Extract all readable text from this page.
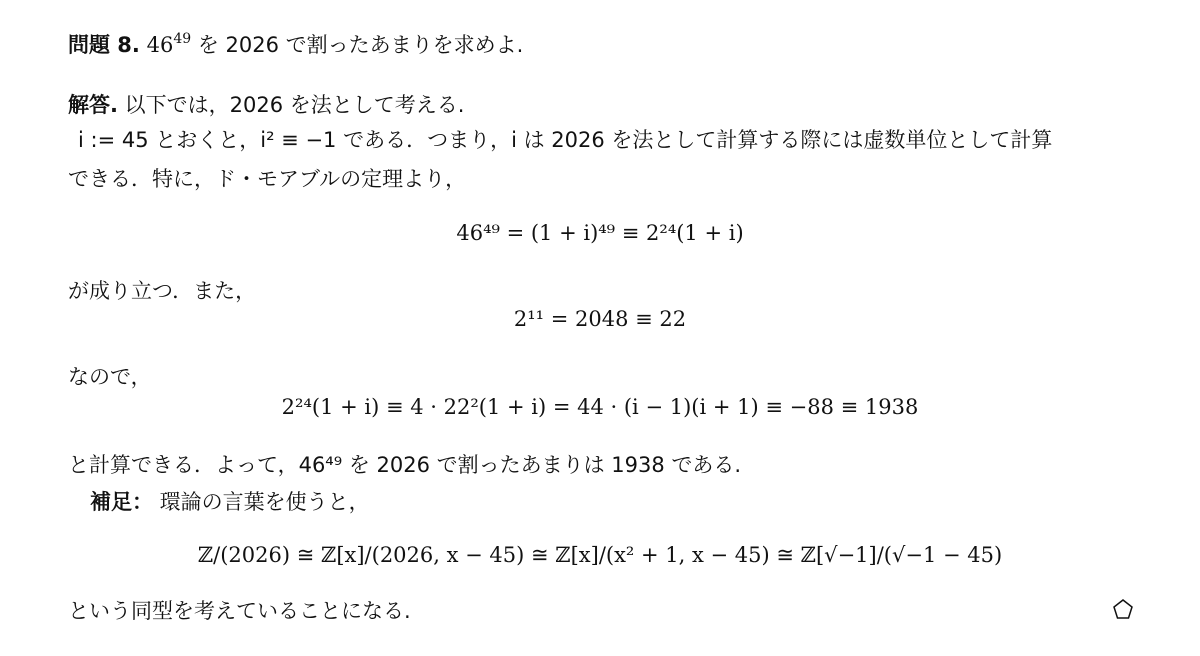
問題 8. $46^{49}$ を 2026 で割ったあまりを求めよ.
解答. 以下では，2026 を法として考える.
i := 45 とおくと，i² ≡ −1 である．つまり，i は 2026 を法として計算する際には虚数単位として計算
できる．特に，ド・モアブルの定理より，
46⁴⁹ = (1 + i)⁴⁹ ≡ 2²⁴(1 + i)
が成り立つ．また，
2¹¹ = 2048 ≡ 22
なので，
2²⁴(1 + i) ≡ 4 · 22²(1 + i) = 44 · (i − 1)(i + 1) ≡ −88 ≡ 1938
と計算できる．よって，46⁴⁹ を 2026 で割ったあまりは 1938 である.
補足： 環論の言葉を使うと，
ℤ/(2026) ≅ ℤ[x]/(2026, x − 45) ≅ ℤ[x]/(x² + 1, x − 45) ≅ ℤ[√−1]/(√−1 − 45)
という同型を考えていることになる.
